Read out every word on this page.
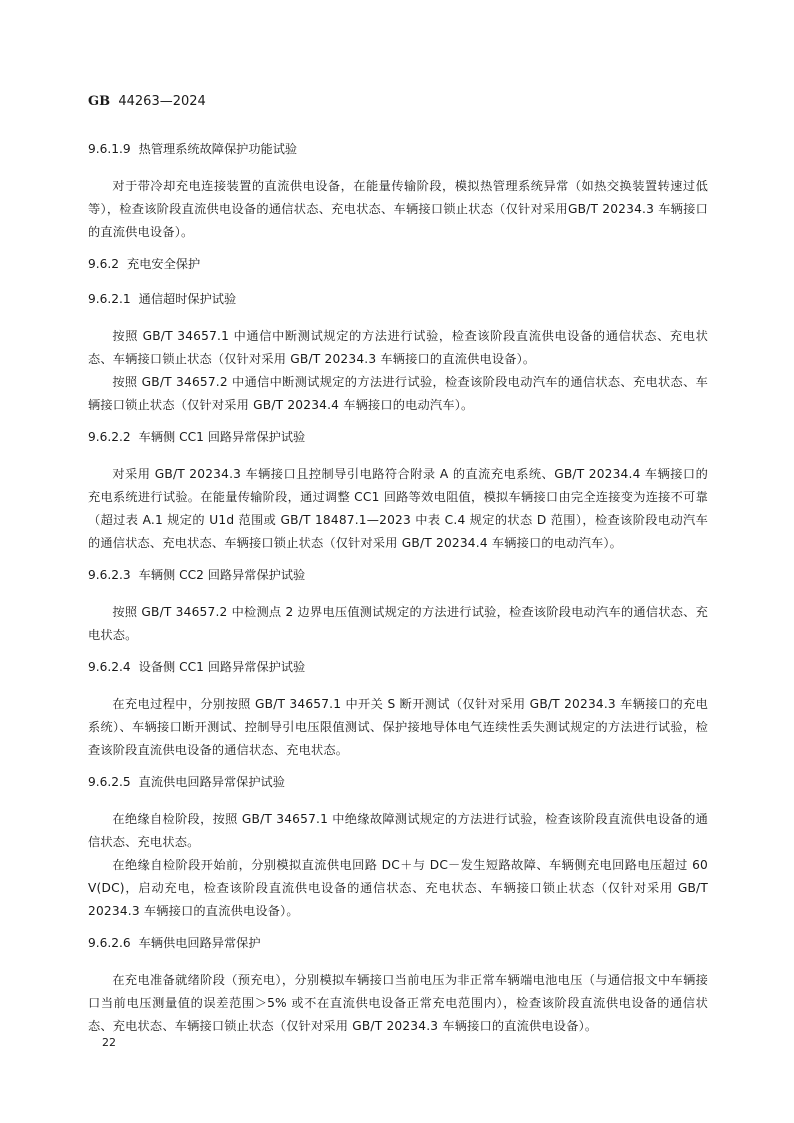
GB 44263—2024
9.6.1.9 热管理系统故障保护功能试验
对于带冷却充电连接装置的直流供电设备，在能量传输阶段，模拟热管理系统异常（如热交换装置转速过低等），检查该阶段直流供电设备的通信状态、充电状态、车辆接口锁止状态（仅针对采用GB/T 20234.3 车辆接口的直流供电设备）。
9.6.2 充电安全保护
9.6.2.1 通信超时保护试验
按照 GB/T 34657.1 中通信中断测试规定的方法进行试验，检查该阶段直流供电设备的通信状态、充电状态、车辆接口锁止状态（仅针对采用 GB/T 20234.3 车辆接口的直流供电设备）。
按照 GB/T 34657.2 中通信中断测试规定的方法进行试验，检查该阶段电动汽车的通信状态、充电状态、车辆接口锁止状态（仅针对采用 GB/T 20234.4 车辆接口的电动汽车）。
9.6.2.2 车辆侧 CC1 回路异常保护试验
对采用 GB/T 20234.3 车辆接口且控制导引电路符合附录 A 的直流充电系统、GB/T 20234.4 车辆接口的充电系统进行试验。在能量传输阶段，通过调整 CC1 回路等效电阻值，模拟车辆接口由完全连接变为连接不可靠（超过表 A.1 规定的 U1d 范围或 GB/T 18487.1—2023 中表 C.4 规定的状态 D 范围），检查该阶段电动汽车的通信状态、充电状态、车辆接口锁止状态（仅针对采用 GB/T 20234.4 车辆接口的电动汽车）。
9.6.2.3 车辆侧 CC2 回路异常保护试验
按照 GB/T 34657.2 中检测点 2 边界电压值测试规定的方法进行试验，检查该阶段电动汽车的通信状态、充电状态。
9.6.2.4 设备侧 CC1 回路异常保护试验
在充电过程中，分别按照 GB/T 34657.1 中开关 S 断开测试（仅针对采用 GB/T 20234.3 车辆接口的充电系统）、车辆接口断开测试、控制导引电压限值测试、保护接地导体电气连续性丢失测试规定的方法进行试验，检查该阶段直流供电设备的通信状态、充电状态。
9.6.2.5 直流供电回路异常保护试验
在绝缘自检阶段，按照 GB/T 34657.1 中绝缘故障测试规定的方法进行试验，检查该阶段直流供电设备的通信状态、充电状态。
在绝缘自检阶段开始前，分别模拟直流供电回路 DC＋与 DC－发生短路故障、车辆侧充电回路电压超过 60 V(DC)，启动充电，检查该阶段直流供电设备的通信状态、充电状态、车辆接口锁止状态（仅针对采用 GB/T 20234.3 车辆接口的直流供电设备）。
9.6.2.6 车辆供电回路异常保护
在充电准备就绪阶段（预充电），分别模拟车辆接口当前电压为非正常车辆端电池电压（与通信报文中车辆接口当前电压测量值的误差范围＞5% 或不在直流供电设备正常充电范围内），检查该阶段直流供电设备的通信状态、充电状态、车辆接口锁止状态（仅针对采用 GB/T 20234.3 车辆接口的直流供电设备）。
22
